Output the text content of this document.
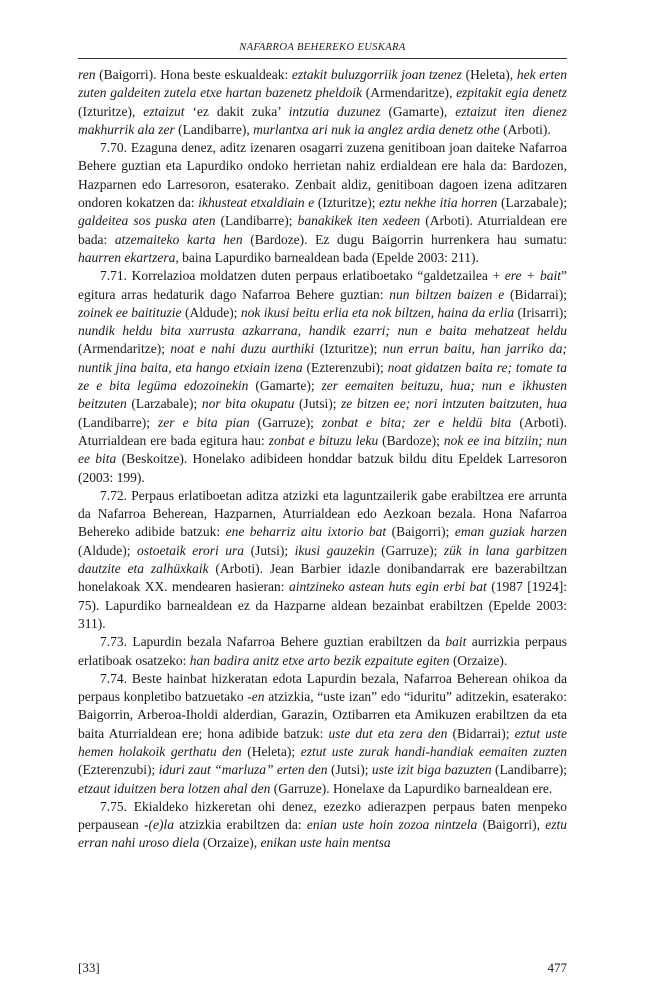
NAFARROA BEHEREKO EUSKARA

ren (Baigorri). Hona beste eskualdeak: eztakit buluzgorriik joan tzenez (Heleta), hek erten zuten galdeiten zutela etxe hartan bazenetz pheldoik (Armendaritze), ezpitakit egia denetz (Izturitze), eztaizut ‘ez dakit zuka’ intzutia duzunez (Gamarte), eztaizut iten dienez makhurrik ala zer (Landibarre), murlantxa ari nuk ia anglez ardia denetz othe (Arboti).

7.70. Ezaguna denez, aditz izenaren osagarri zuzena genitiboan joan daiteke Nafarroa Behere guztian eta Lapurdiko ondoko herrietan nahiz erdialdean ere hala da: Bardozen, Hazparnen edo Larresoron, esaterako. Zenbait aldiz, genitiboan dagoen izena aditzaren ondoren kokatzen da: ikhusteat etxaldiain e (Izturitze); eztu nekhe itia horren (Larzabale); galdeitea sos puska aten (Landibarre); banakikek iten xedeen (Arboti). Aturrialdean ere bada: atzemaiteko karta hen (Bardoze). Ez dugu Baigorrin hurrenkera hau sumatu: haurren ekartzera, baina Lapurdiko barnealdean bada (Epelde 2003: 211).

7.71. Korrelazioa moldatzen duten perpaus erlatiboetako “galdetzailea + ere + bait” egitura arras hedaturik dago Nafarroa Behere guztian: nun biltzen baizen e (Bidarrai); zoinek ee baitituzie (Aldude); nok ikusi beitu erlia eta nok biltzen, haina da erlia (Irisarri); nundik heldu bita xurrusta azkarrana, handik ezarri; nun e baita mehatzeat heldu (Armendaritze); noat e nahi duzu aurthiki (Izturitze); nun errun baitu, han jarriko da; nuntik jina baita, eta hango etxiain izena (Ezterenzubi); noat gidatzen baita re; tomate ta ze e bita legüma edozoinekin (Gamarte); zer eemaiten beituzu, hua; nun e ikhusten beitzuten (Larzabale); nor bita okupatu (Jutsi); ze bitzen ee; nori intzuten baitzuten, hua (Landibarre); zer e bita pian (Garruze); zonbat e bita; zer e heldü bita (Arboti). Aturrialdean ere bada egitura hau: zonbat e bituzu leku (Bardoze); nok ee ina bitziin; nun ee bita (Beskoitze). Honelako adibideen honddar batzuk bildu ditu Epeldek Larresoron (2003: 199).

7.72. Perpaus erlatiboetan aditza atzizki eta laguntzailerik gabe erabiltzea ere arrunta da Nafarroa Beherean, Hazparnen, Aturrialdean edo Aezkoan bezala. Hona Nafarroa Behereko adibide batzuk: ene beharriz aitu ixtorio bat (Baigorri); eman guziak harzen (Aldude); ostoetaik erori ura (Jutsi); ikusi gauzekin (Garruze); zük in lana garbitzen dautzite eta zalhüxkaik (Arboti). Jean Barbier idazle donibandarrak ere bazerabiltzan honelakoak XX. mendearen hasieran: aintzineko astean huts egin erbi bat (1987 [1924]: 75). Lapurdiko barnealdean ez da Hazparne aldean bezainbat erabiltzen (Epelde 2003: 311).

7.73. Lapurdin bezala Nafarroa Behere guztian erabiltzen da bait aurrizkia perpaus erlatiboak osatzeko: han badira anitz etxe arto bezik ezpaitute egiten (Orzaize).

7.74. Beste hainbat hizkeratan edota Lapurdin bezala, Nafarroa Beherean ohikoa da perpaus konpletibo batzuetako -en atzizkia, “uste izan” edo “iduritu” aditzekin, esaterako: Baigorrin, Arberoa-Iholdi alderdian, Garazin, Oztibarren eta Amikuzen erabiltzen da eta baita Aturrialdean ere; hona adibide batzuk: uste dut eta zera den (Bidarrai); eztut uste hemen holakoik gerthatu den (Heleta); eztut uste zurak handi-handiak eemaiten zuzten (Ezterenzubi); iduri zaut “marluza” erten den (Jutsi); uste izit biga bazuzten (Landibarre); etzaut iduitzen bera lotzen ahal den (Garruze). Honelaxe da Lapurdiko barnealdean ere.

7.75. Ekialdeko hizkeretan ohi denez, ezezko adierazpen perpaus baten menpeko perpausean -(e)la atzizkia erabiltzen da: enian uste hoin zozoa nintzela (Baigorri), eztu erran nahi uroso diela (Orzaize), enikan uste hain mentsa

[33]	477
